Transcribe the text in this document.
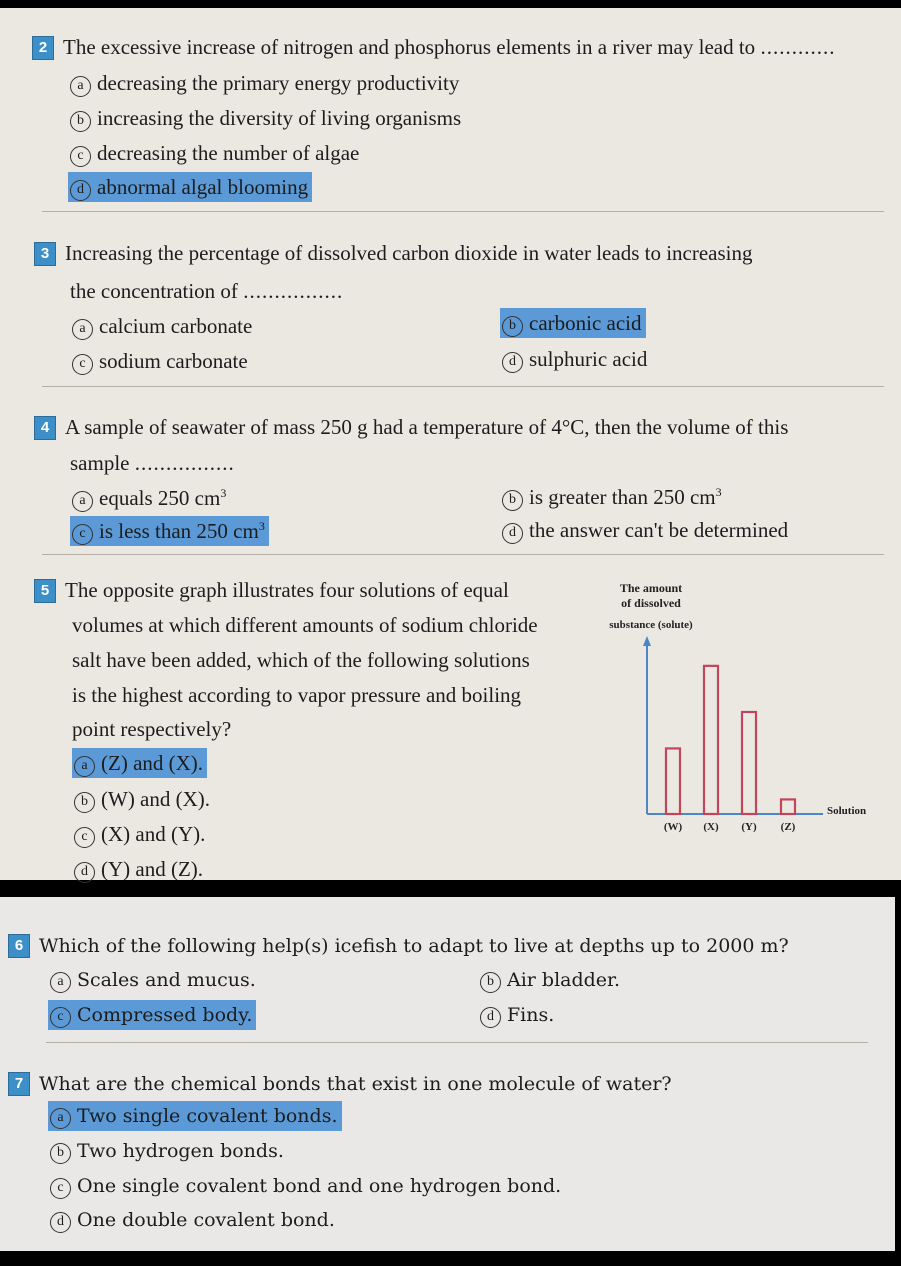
2 The excessive increase of nitrogen and phosphorus elements in a river may lead to ............
a decreasing the primary energy productivity
b increasing the diversity of living organisms
c decreasing the number of algae
d abnormal algal blooming
3 Increasing the percentage of dissolved carbon dioxide in water leads to increasing
the concentration of ................
a calcium carbonate	b carbonic acid
c sodium carbonate	d sulphuric acid
4 A sample of seawater of mass 250 g had a temperature of 4°C, then the volume of this
sample ................
a equals 250 $cm^3$	b is greater than 250 $cm^3$
c is less than 250 $cm^3$	d the answer can't be determined
5 The opposite graph illustrates four solutions of equal
volumes at which different amounts of sodium chloride
salt have been added, which of the following solutions
is the highest according to vapor pressure and boiling
point respectively?
a (Z) and (X).
b (W) and (X).
c (X) and (Y).
d (Y) and (Z).
The amount
of dissolved
substance (solute)
Solution
(W) (X) (Y) (Z)
6 Which of the following help(s) icefish to adapt to live at depths up to 2000 m?
a Scales and mucus.	b Air bladder.
c Compressed body.	d Fins.
7 What are the chemical bonds that exist in one molecule of water?
a Two single covalent bonds.
b Two hydrogen bonds.
c One single covalent bond and one hydrogen bond.
d One double covalent bond.
